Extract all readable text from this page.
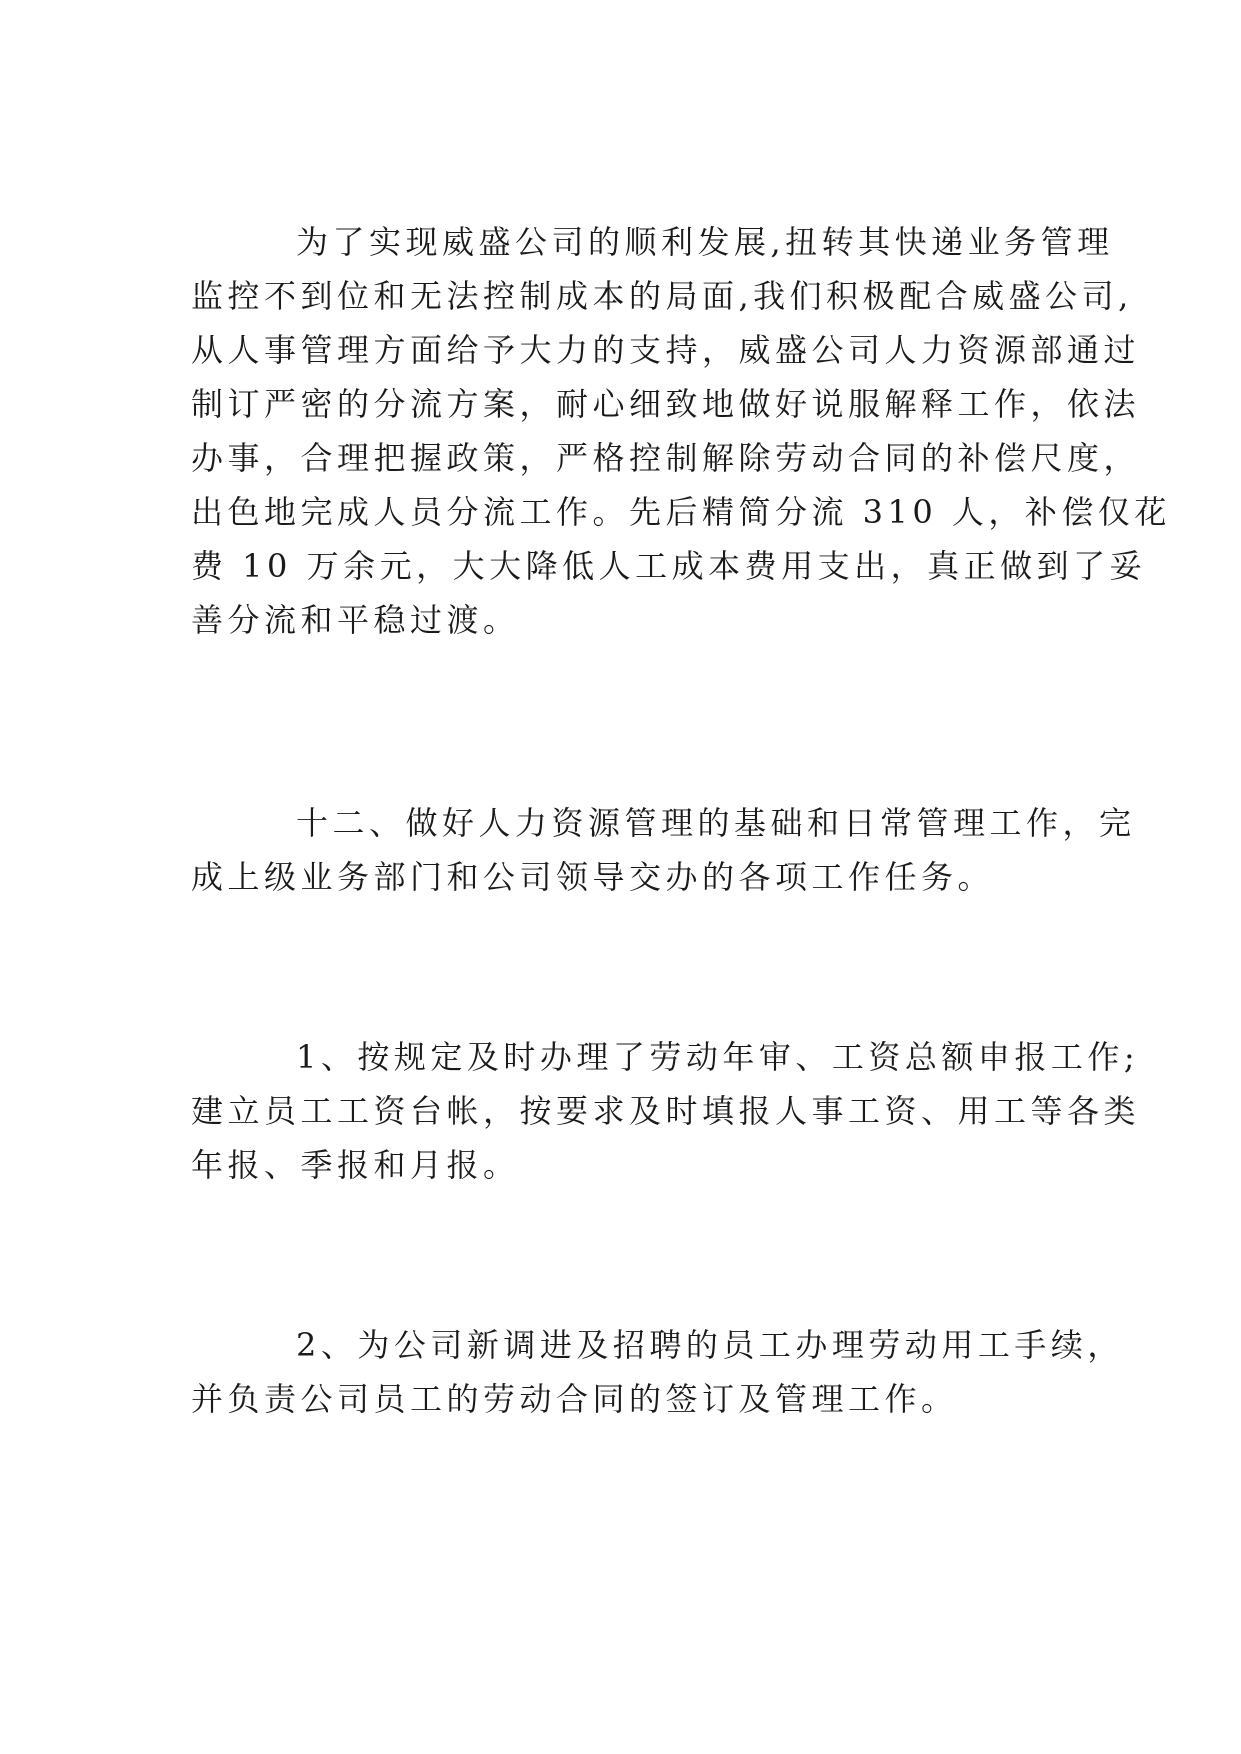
为了实现威盛公司的顺利发展,扭转其快递业务管理
监控不到位和无法控制成本的局面,我们积极配合威盛公司,
从人事管理方面给予大力的支持，威盛公司人力资源部通过
制订严密的分流方案，耐心细致地做好说服解释工作，依法
办事，合理把握政策，严格控制解除劳动合同的补偿尺度，
出色地完成人员分流工作。先后精简分流 310 人，补偿仅花
费 10 万余元，大大降低人工成本费用支出，真正做到了妥
善分流和平稳过渡。
十二、做好人力资源管理的基础和日常管理工作，完
成上级业务部门和公司领导交办的各项工作任务。
1、按规定及时办理了劳动年审、工资总额申报工作;
建立员工工资台帐，按要求及时填报人事工资、用工等各类
年报、季报和月报。
2、为公司新调进及招聘的员工办理劳动用工手续，
并负责公司员工的劳动合同的签订及管理工作。
